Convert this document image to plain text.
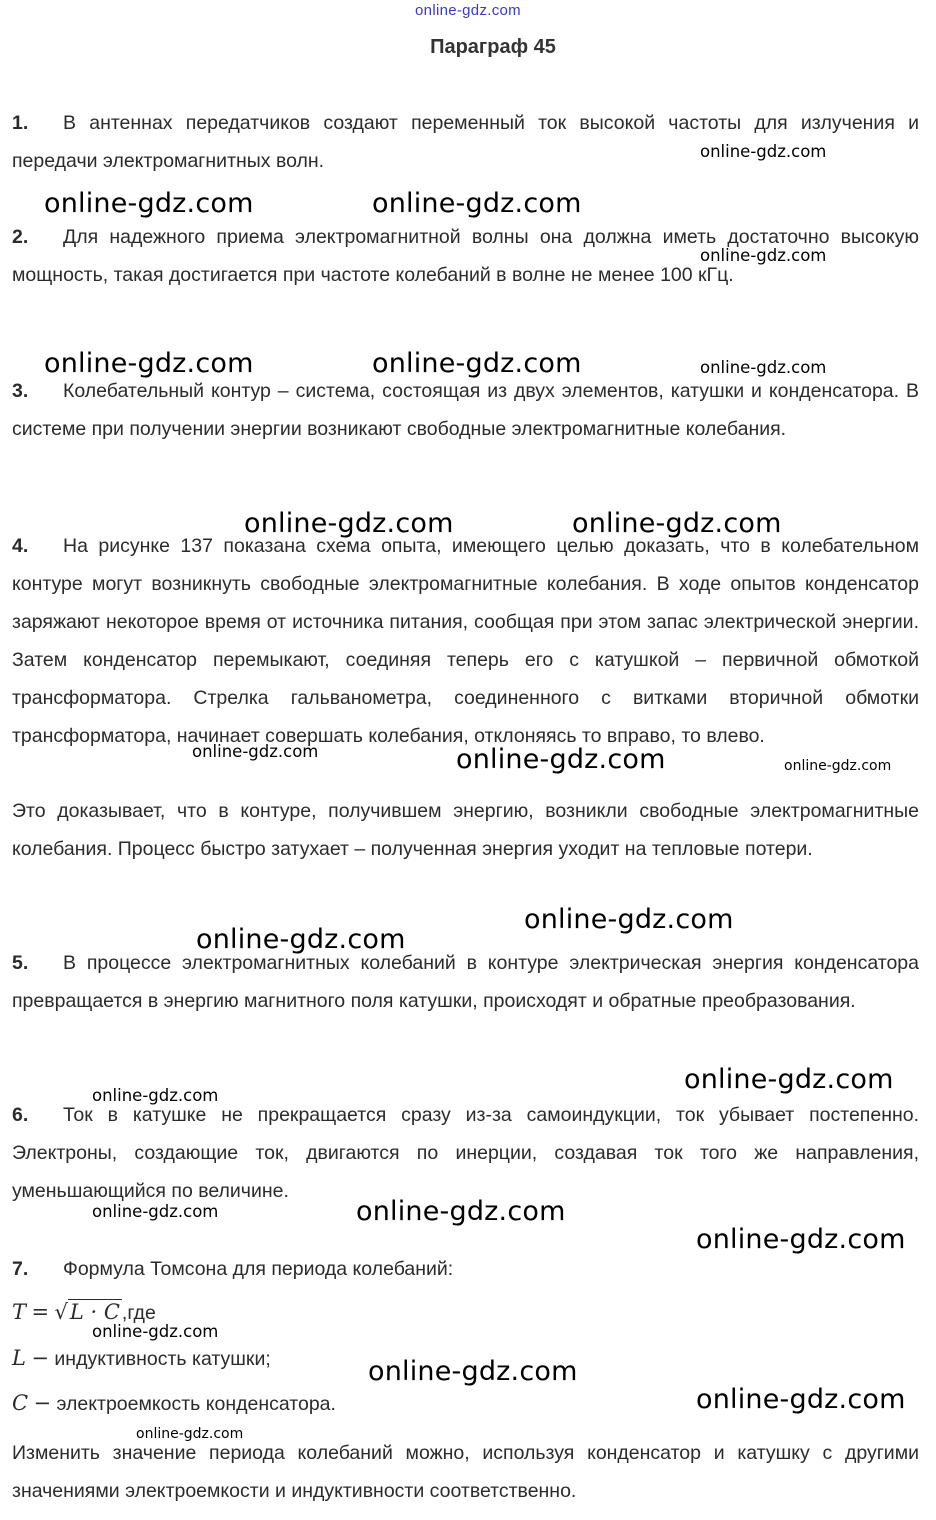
online-gdz.com
Параграф 45

1. В антеннах передатчиков создают переменный ток высокой частоты для излучения и передачи электромагнитных волн.

2. Для надежного приема электромагнитной волны она должна иметь достаточно высокую мощность, такая достигается при частоте колебаний в волне не менее 100 кГц.

3. Колебательный контур – система, состоящая из двух элементов, катушки и конденсатора. В системе при получении энергии возникают свободные электромагнитные колебания.

4. На рисунке 137 показана схема опыта, имеющего целью доказать, что в колебательном контуре могут возникнуть свободные электромагнитные колебания. В ходе опытов конденсатор заряжают некоторое время от источника питания, сообщая при этом запас электрической энергии. Затем конденсатор перемыкают, соединяя теперь его с катушкой – первичной обмоткой трансформатора. Стрелка гальванометра, соединенного с витками вторичной обмотки трансформатора, начинает совершать колебания, отклоняясь то вправо, то влево.

Это доказывает, что в контуре, получившем энергию, возникли свободные электромагнитные колебания. Процесс быстро затухает – полученная энергия уходит на тепловые потери.

5. В процессе электромагнитных колебаний в контуре электрическая энергия конденсатора превращается в энергию магнитного поля катушки, происходят и обратные преобразования.

6. Ток в катушке не прекращается сразу из-за самоиндукции, ток убывает постепенно. Электроны, создающие ток, двигаются по инерции, создавая ток того же направления, уменьшающийся по величине.

7. Формула Томсона для периода колебаний:

T = √L · C ,где
L − индуктивность катушки;
C − электроемкость конденсатора.

Изменить значение периода колебаний можно, используя конденсатор и катушку с другими значениями электроемкости и индуктивности соответственно.

online-gdz.com
online-gdz.com	online-gdz.com
online-gdz.com
online-gdz.com	online-gdz.com	online-gdz.com
online-gdz.com	online-gdz.com
online-gdz.com	online-gdz.com	online-gdz.com
online-gdz.com
online-gdz.com
online-gdz.com
online-gdz.com
online-gdz.com	online-gdz.com
online-gdz.com
online-gdz.com
online-gdz.com
online-gdz.com
online-gdz.com
